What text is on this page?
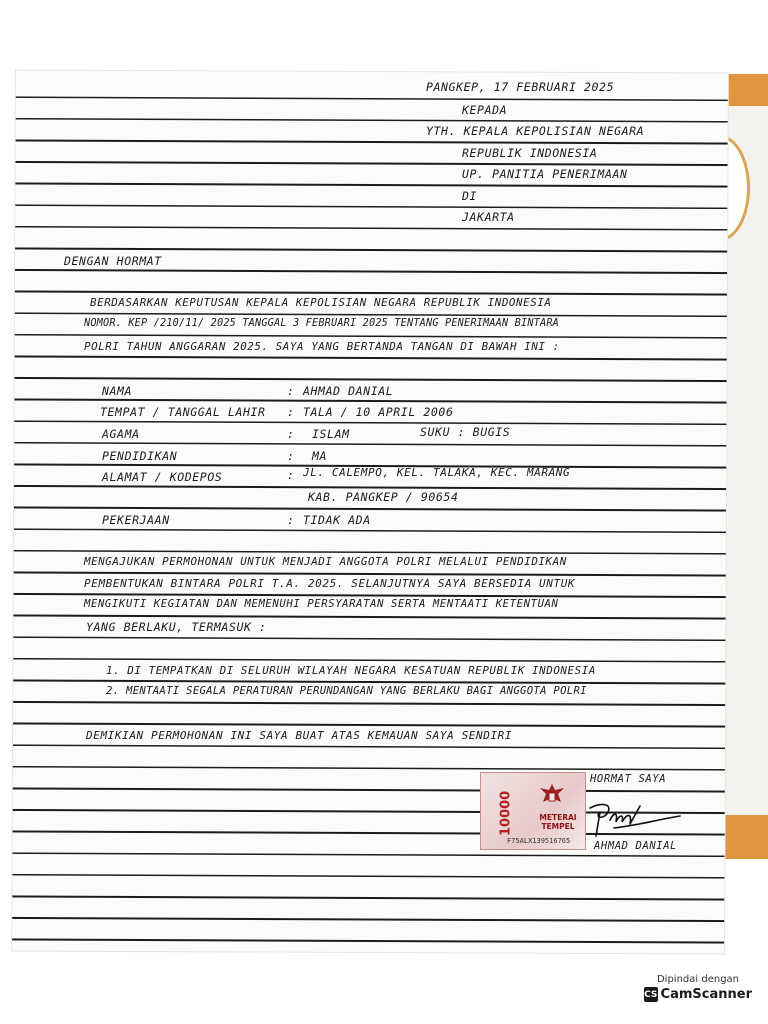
PANGKEP, 17 FEBRUARI 2025
KEPADA
YTH. KEPALA KEPOLISIAN NEGARA
REPUBLIK INDONESIA
UP. PANITIA PENERIMAAN
DI
JAKARTA
DENGAN HORMAT
BERDASARKAN KEPUTUSAN KEPALA KEPOLISIAN NEGARA REPUBLIK INDONESIA
NOMOR. KEP /210/11/ 2025 TANGGAL 3 FEBRUARI 2025 TENTANG PENERIMAAN BINTARA
POLRI TAHUN ANGGARAN 2025. SAYA YANG BERTANDA TANGAN DI BAWAH INI :
NAMA	: AHMAD DANIAL
TEMPAT / TANGGAL LAHIR : TALA / 10 APRIL 2006
AGAMA	: ISLAM	SUKU : BUGIS
PENDIDIKAN	: MA
ALAMAT / KODEPOS	: JL. CALEMPO, KEL. TALAKA, KEC. MARANG
KAB. PANGKEP / 90654
PEKERJAAN	: TIDAK ADA
MENGAJUKAN PERMOHONAN UNTUK MENJADI ANGGOTA POLRI MELALUI PENDIDIKAN
PEMBENTUKAN BINTARA POLRI T.A. 2025. SELANJUTNYA SAYA BERSEDIA UNTUK
MENGIKUTI KEGIATAN DAN MEMENUHI PERSYARATAN SERTA MENTAATI KETENTUAN
YANG BERLAKU, TERMASUK :
1. DI TEMPATKAN DI SELURUH WILAYAH NEGARA KESATUAN REPUBLIK INDONESIA
2. MENTAATI SEGALA PERATURAN PERUNDANGAN YANG BERLAKU BAGI ANGGOTA POLRI
DEMIKIAN PERMOHONAN INI SAYA BUAT ATAS KEMAUAN SAYA SENDIRI
HORMAT SAYA
10000	METERAI TEMPEL
F75ALX139516765 AHMAD DANIAL
Dipindai dengan
CS CamScanner
